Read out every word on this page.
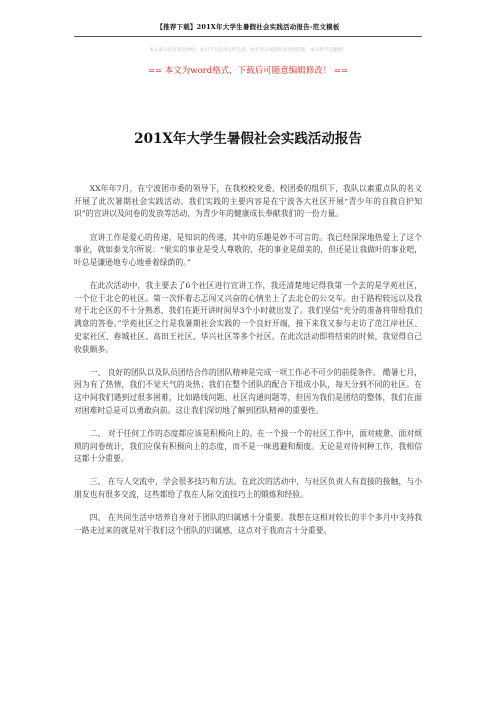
【推荐下载】201X年大学生暑假社会实践活动报告-范文模板
本文部分内容来自网络，本司不为其真实性负责，如有异议或侵权请及时联系，本司将予以删除！
== 本文为word格式，下载后可随意编辑修改！ ==
201X年大学生暑假社会实践活动报告

XX年年7月，在宁波团市委的领导下，在我校校党委、校团委的组织下，我队以素重点队的名义开展了此次暑期社会实践活动。我们实践的主要内容是在宁波各大社区开展“青少年的自救自护知识”的宣讲以及问卷的发放等活动，为青少年的健康成长奉献我们的一份力量。

宣讲工作是爱心的传递，是知识的传递，其中的乐趣是妙不可言的。我已经深深地热爱上了这个事业，就如泰戈尔所说：“果实的事业是受人尊敬的，花的事业是甜美的，但还是让我做叶的事业吧，叶总是谦逊地专心地垂着绿荫的。”

在此次活动中，我主要去了6个社区进行宣讲工作，我还清楚地记得我第一个去的是学苑社区，一个位于北仑的社区。第一次怀着忐忑闯又兴奋的心情坐上了去北仑的公交车。由于路程较远以及我对于北仑区的不十分熟悉，我们在距开讲时间早3个小时就出发了。我们坚信“充分的准备将带给我们满意的答卷。”学苑社区之行是我暑期社会实践的一个良好开端，接下来我又参与走访了范江岸社区、史家社区、春城社区、高田王社区、华兴社区等多个社区。在此次活动即将结束的时候，我觉得自己收获颇多。

一、 良好的团队以及队员团结合作的团队精神是完成一项工作必不可少的前提条件。 酷暑七月，因为有了热情，我们不觉天气的炎热；我们在整个团队的配合下组成小队，每天分到不同的社区。在这中间我们遇到过很多困难，比如路线问题、社区沟通问题等，但因为我们是团结的整体，我们在面对困难时总是可以勇敢向前。这让我们深切地了解到团队精神的重要性。

二、 对于任何工作的态度都应该是积极向上的。在一个接一个的社区工作中，面对疲惫，面对烦琐的问卷统计，我们应保有积极向上的态度，而不是一味逃避和颓废。无论是对待何种工作，我相信这都十分重要。

三、 在与人交流中，学会很多技巧和方法。在此次的活动中，与社区负责人有直接的接触，与小朋友也有很多交流，这些都给了我在人际交流技巧上的锻炼和经验。

四、 在共同生活中培养自身对于团队的归属感十分重要。我想在这相对较长的半个多月中支持我一路走过来的就是对于我们这个团队的归属感，这点对于我而言十分重要。
